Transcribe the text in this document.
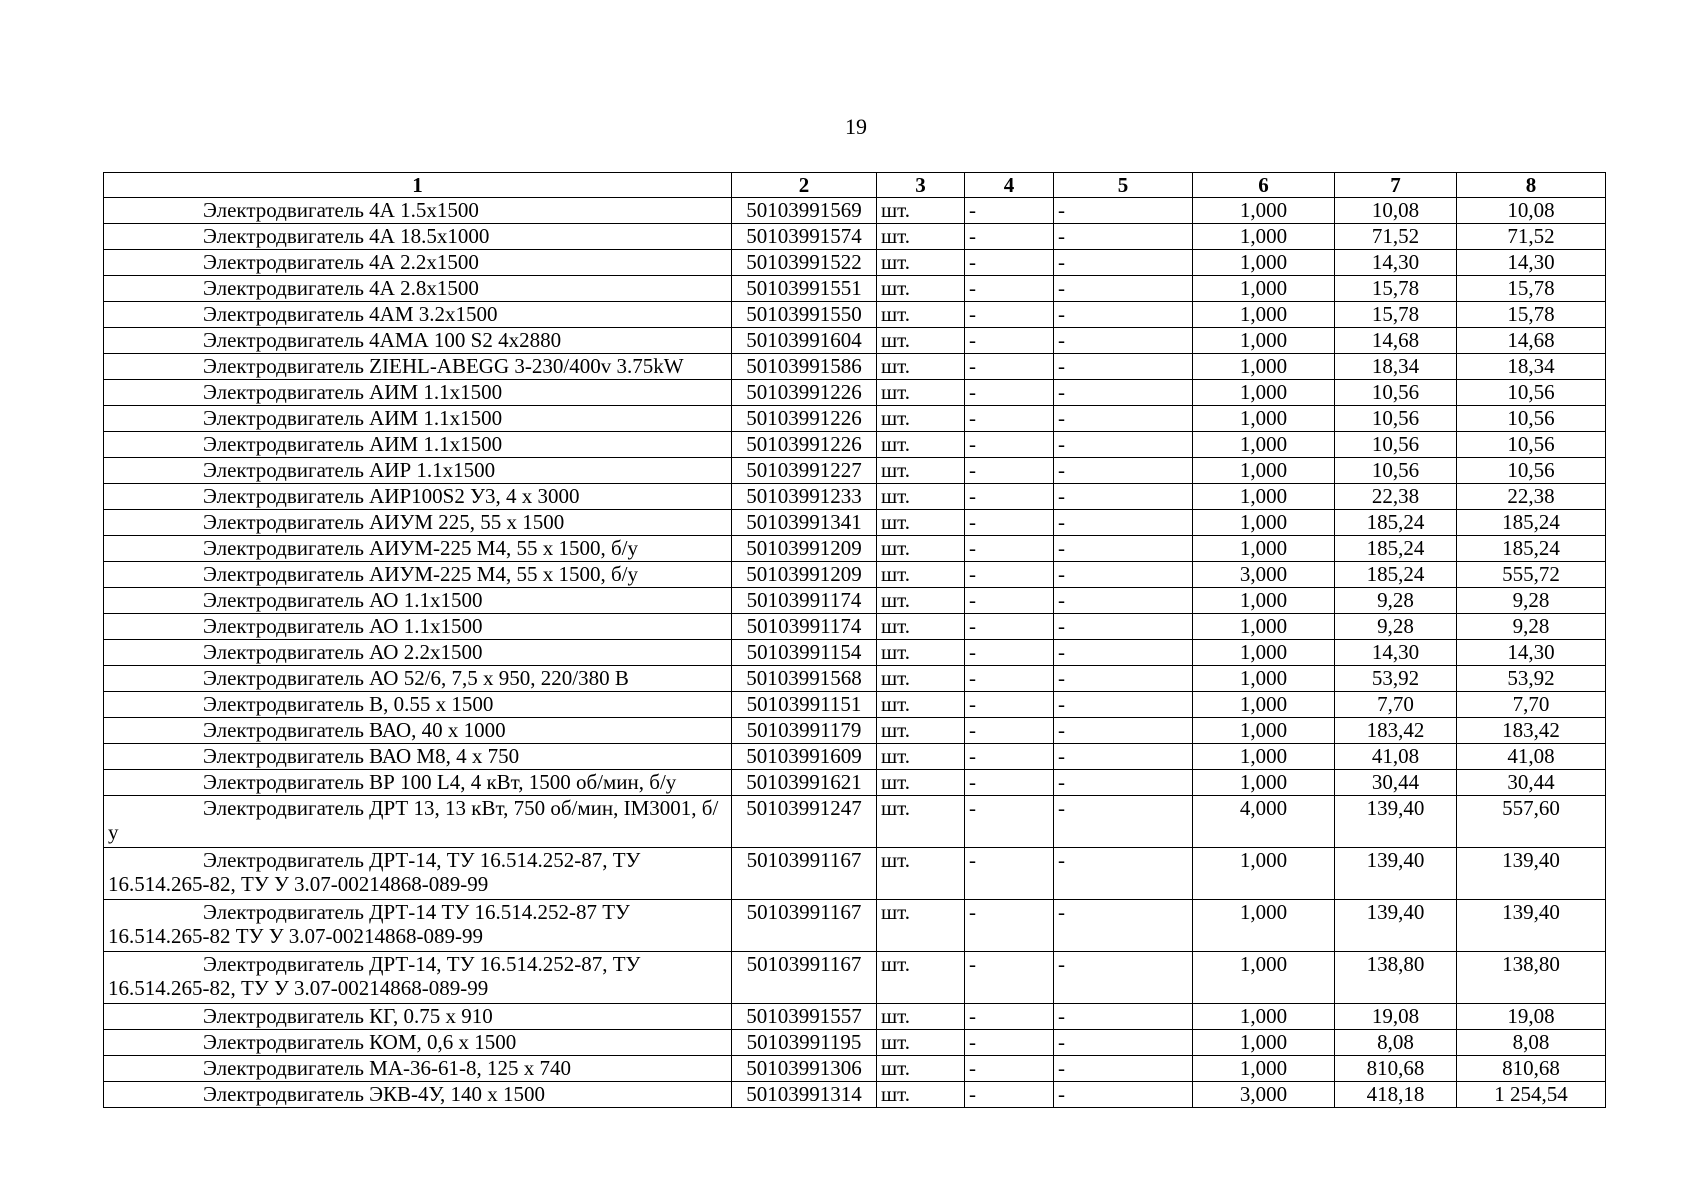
19
1	2	3	4	5	6	7	8
Электродвигатель 4А 1.5х1500	50103991569	шт.	-	-	1,000	10,08	10,08
Электродвигатель 4А 18.5х1000	50103991574	шт.	-	-	1,000	71,52	71,52
Электродвигатель 4А 2.2х1500	50103991522	шт.	-	-	1,000	14,30	14,30
Электродвигатель 4А 2.8х1500	50103991551	шт.	-	-	1,000	15,78	15,78
Электродвигатель 4АМ 3.2х1500	50103991550	шт.	-	-	1,000	15,78	15,78
Электродвигатель 4АМА 100 S2 4х2880	50103991604	шт.	-	-	1,000	14,68	14,68
Электродвигатель ZIEHL-ABEGG 3-230/400v 3.75kW	50103991586	шт.	-	-	1,000	18,34	18,34
Электродвигатель АИМ 1.1х1500	50103991226	шт.	-	-	1,000	10,56	10,56
Электродвигатель АИМ 1.1х1500	50103991226	шт.	-	-	1,000	10,56	10,56
Электродвигатель АИМ 1.1х1500	50103991226	шт.	-	-	1,000	10,56	10,56
Электродвигатель АИР 1.1х1500	50103991227	шт.	-	-	1,000	10,56	10,56
Электродвигатель АИР100S2 У3, 4 х 3000	50103991233	шт.	-	-	1,000	22,38	22,38
Электродвигатель АИУМ 225, 55 х 1500	50103991341	шт.	-	-	1,000	185,24	185,24
Электродвигатель АИУМ-225 М4, 55 х 1500, б/у	50103991209	шт.	-	-	1,000	185,24	185,24
Электродвигатель АИУМ-225 М4, 55 х 1500, б/у	50103991209	шт.	-	-	3,000	185,24	555,72
Электродвигатель АО 1.1х1500	50103991174	шт.	-	-	1,000	9,28	9,28
Электродвигатель АО 1.1х1500	50103991174	шт.	-	-	1,000	9,28	9,28
Электродвигатель АО 2.2х1500	50103991154	шт.	-	-	1,000	14,30	14,30
Электродвигатель АО 52/6, 7,5 х 950, 220/380 В	50103991568	шт.	-	-	1,000	53,92	53,92
Электродвигатель В, 0.55 х 1500	50103991151	шт.	-	-	1,000	7,70	7,70
Электродвигатель ВАО, 40 х 1000	50103991179	шт.	-	-	1,000	183,42	183,42
Электродвигатель ВАО М8, 4 х 750	50103991609	шт.	-	-	1,000	41,08	41,08
Электродвигатель ВР 100 L4, 4 кВт, 1500 об/мин, б/у	50103991621	шт.	-	-	1,000	30,44	30,44
Электродвигатель ДРТ 13, 13 кВт, 750 об/мин, IM3001, б/у	50103991247	шт.	-	-	4,000	139,40	557,60
Электродвигатель ДРТ-14, ТУ 16.514.252-87, ТУ 16.514.265-82, ТУ У 3.07-00214868-089-99	50103991167	шт.	-	-	1,000	139,40	139,40
Электродвигатель ДРТ-14 ТУ 16.514.252-87 ТУ 16.514.265-82 ТУ У 3.07-00214868-089-99	50103991167	шт.	-	-	1,000	139,40	139,40
Электродвигатель ДРТ-14, ТУ 16.514.252-87, ТУ 16.514.265-82, ТУ У 3.07-00214868-089-99	50103991167	шт.	-	-	1,000	138,80	138,80
Электродвигатель КГ, 0.75 х 910	50103991557	шт.	-	-	1,000	19,08	19,08
Электродвигатель КОМ, 0,6 х 1500	50103991195	шт.	-	-	1,000	8,08	8,08
Электродвигатель МА-36-61-8, 125 х 740	50103991306	шт.	-	-	1,000	810,68	810,68
Электродвигатель ЭКВ-4У, 140 х 1500	50103991314	шт.	-	-	3,000	418,18	1 254,54
